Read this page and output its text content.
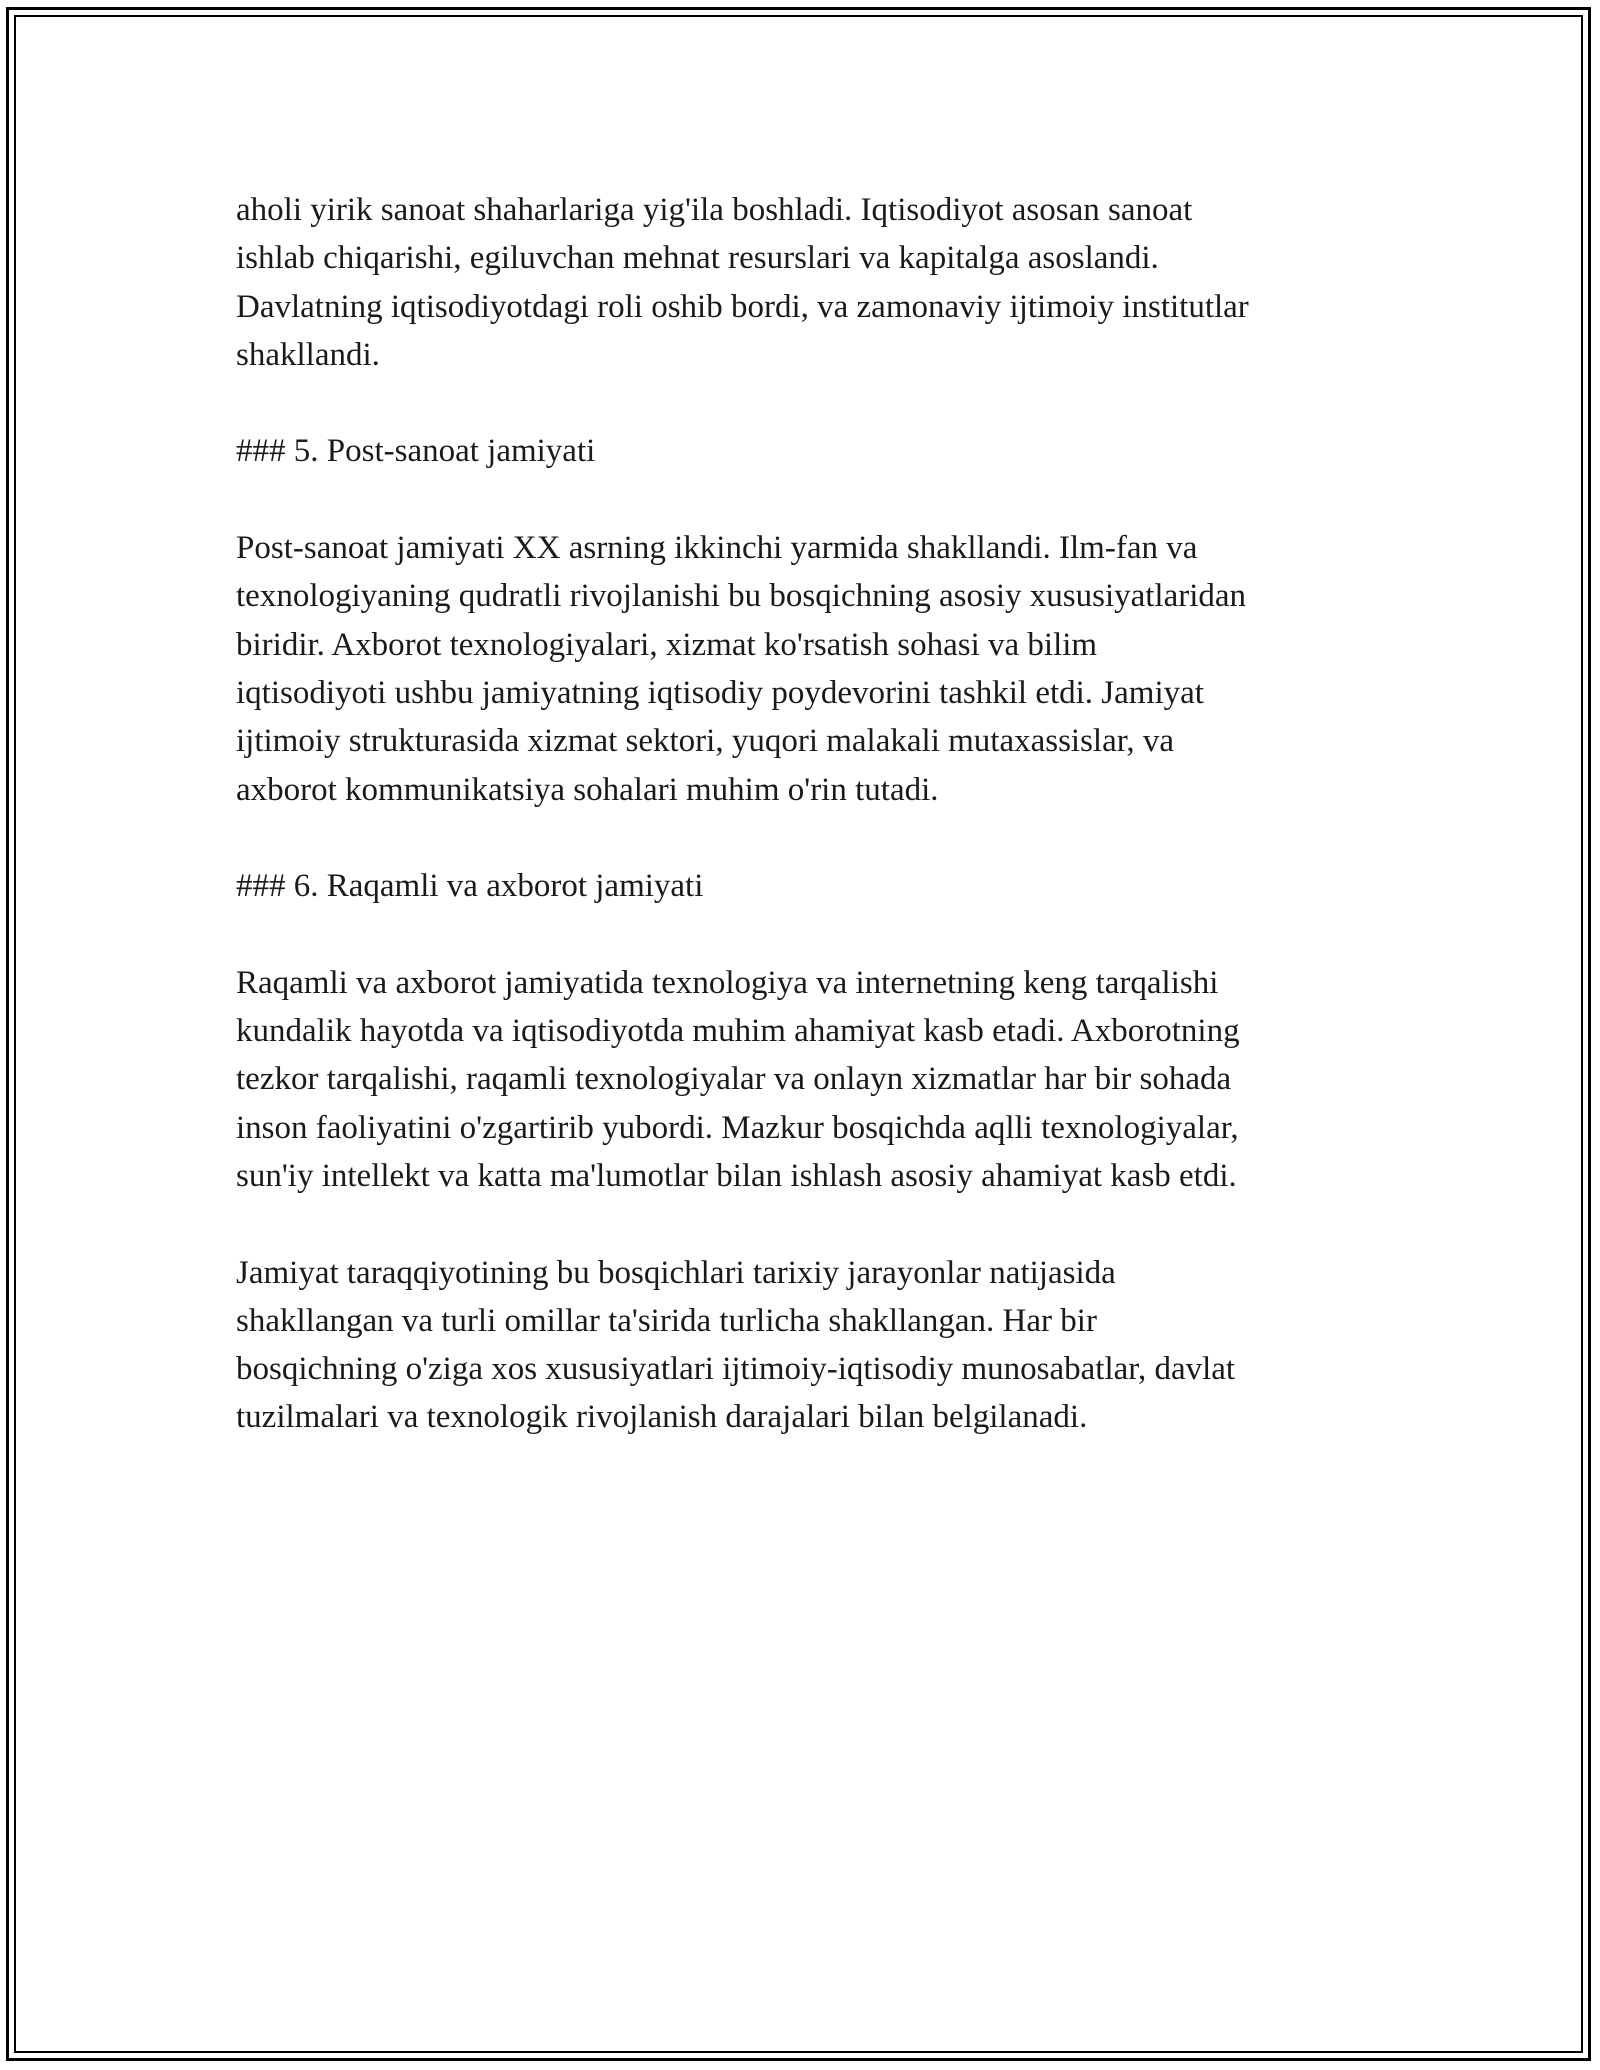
aholi yirik sanoat shaharlariga yig'ila boshladi. Iqtisodiyot asosan sanoat
ishlab chiqarishi, egiluvchan mehnat resurslari va kapitalga asoslandi.
Davlatning iqtisodiyotdagi roli oshib bordi, va zamonaviy ijtimoiy institutlar
shakllandi.

### 5. Post-sanoat jamiyati

Post-sanoat jamiyati XX asrning ikkinchi yarmida shakllandi. Ilm-fan va
texnologiyaning qudratli rivojlanishi bu bosqichning asosiy xususiyatlaridan
biridir. Axborot texnologiyalari, xizmat ko'rsatish sohasi va bilim
iqtisodiyoti ushbu jamiyatning iqtisodiy poydevorini tashkil etdi. Jamiyat
ijtimoiy strukturasida xizmat sektori, yuqori malakali mutaxassislar, va
axborot kommunikatsiya sohalari muhim o'rin tutadi.

### 6. Raqamli va axborot jamiyati

Raqamli va axborot jamiyatida texnologiya va internetning keng tarqalishi
kundalik hayotda va iqtisodiyotda muhim ahamiyat kasb etadi. Axborotning
tezkor tarqalishi, raqamli texnologiyalar va onlayn xizmatlar har bir sohada
inson faoliyatini o'zgartirib yubordi. Mazkur bosqichda aqlli texnologiyalar,
sun'iy intellekt va katta ma'lumotlar bilan ishlash asosiy ahamiyat kasb etdi.

Jamiyat taraqqiyotining bu bosqichlari tarixiy jarayonlar natijasida
shakllangan va turli omillar ta'sirida turlicha shakllangan. Har bir
bosqichning o'ziga xos xususiyatlari ijtimoiy-iqtisodiy munosabatlar, davlat
tuzilmalari va texnologik rivojlanish darajalari bilan belgilanadi.
